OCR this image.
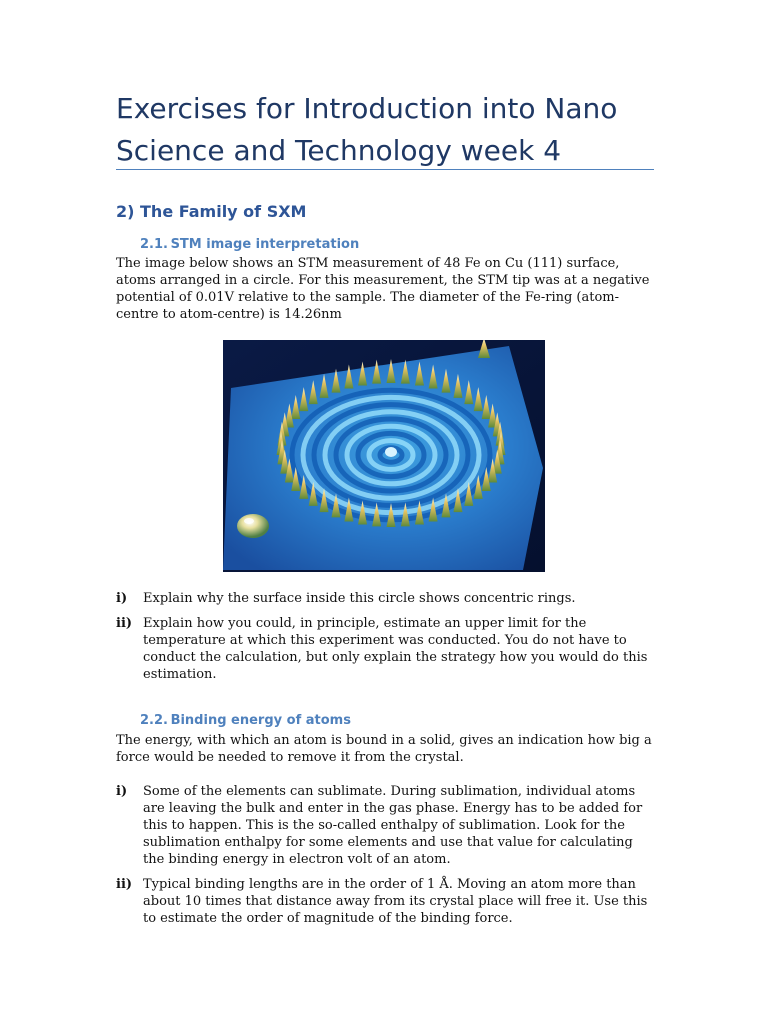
Exercises for Introduction into Nano Science and Technology week 4
2) The Family of SXM
2.1. STM image interpretation

The image below shows an STM measurement of 48 Fe on Cu (111) surface, atoms arranged in a circle. For this measurement, the STM tip was at a negative potential of 0.01V relative to the sample. The diameter of the Fe-ring (atom-centre to atom-centre) is 14.26nm

i) Explain why the surface inside this circle shows concentric rings.
ii) Explain how you could, in principle, estimate an upper limit for the temperature at which this experiment was conducted. You do not have to conduct the calculation, but only explain the strategy how you would do this estimation.
2.2. Binding energy of atoms

The energy, with which an atom is bound in a solid, gives an indication how big a force would be needed to remove it from the crystal.

i) Some of the elements can sublimate. During sublimation, individual atoms are leaving the bulk and enter in the gas phase. Energy has to be added for this to happen. This is the so-called enthalpy of sublimation. Look for the sublimation enthalpy for some elements and use that value for calculating the binding energy in electron volt of an atom.
ii) Typical binding lengths are in the order of 1 Å. Moving an atom more than about 10 times that distance away from its crystal place will free it. Use this to estimate the order of magnitude of the binding force.
